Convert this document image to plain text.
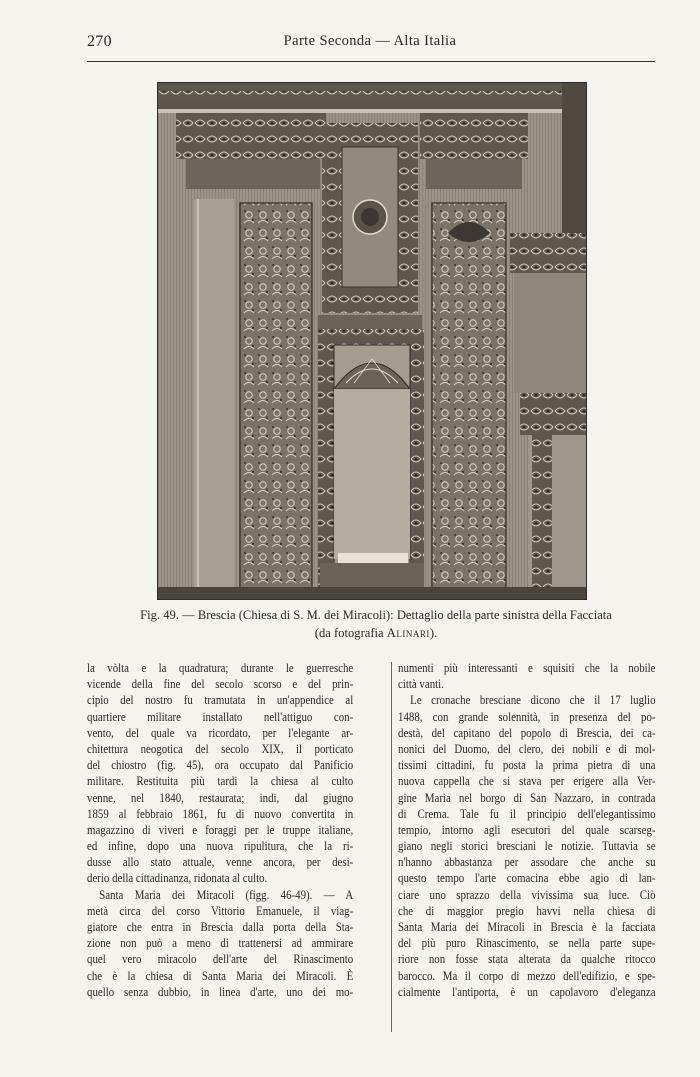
270	Parte Seconda — Alta Italia
Fig. 49. — Brescia (Chiesa di S. M. dei Miracoli): Dettaglio della parte sinistra della Facciata
(da fotografia Alinari).
la vòlta e la quadratura; durante le guerresche
vicende della fine del secolo scorso e del prin-
cipio del nostro fu tramutata in un'appendice al
quartiere militare installato nell'attiguo con-
vento, del quale va ricordato, per l'elegante ar-
chitettura neogotica del secolo XIX, il porticato
del chiostro (fig. 45), ora occupato dal Panificio
militare. Restituita più tardi la chiesa al culto
venne, nel 1840, restaurata; indi, dal giugno
1859 al febbraio 1861, fu di nuovo convertita in
magazzino di viveri e foraggi per le truppe italiane,
ed infine, dopo una nuova ripulitura, che la ri-
dusse allo stato attuale, venne ancora, per desi-
derio della cittadinanza, ridonata al culto.
Santa Maria dei Miracoli (figg. 46-49). — A
metà circa del corso Vittorio Emanuele, il viag-
giatore che entra in Brescia dalla porta della Sta-
zione non può a meno di trattenersi ad ammirare
quel vero miracolo dell'arte del Rinascimento
che è la chiesa di Santa Maria dei Miracoli. È
quello senza dubbio, in linea d'arte, uno dei mo-
numenti più interessanti e squisiti che la nobile
città vanti.
Le cronache bresciane dicono che il 17 luglio
1488, con grande solennità, in presenza del po-
destà, del capitano del popolo di Brescia, dei ca-
nonici del Duomo, del clero, dei nobili e di mol-
tissimi cittadini, fu posta la prima pietra di una
nuova cappella che si stava per erigere alla Ver-
gine Maria nel borgo di San Nazzaro, in contrada
di Crema. Tale fu il principio dell'elegantissimo
tempio, intorno agli esecutori del quale scarseg-
giano negli storici bresciani le notizie. Tuttavia se
n'hanno abbastanza per assodare che anche su
questo tempo l'arte comacina ebbe agio di lan-
ciare uno sprazzo della vivissima sua luce. Ciò
che di maggior pregio havvi nella chiesa di
Santa Maria dei Miracoli in Brescia è la facciata
del più puro Rinascimento, se nella parte supe-
riore non fosse stata alterata da qualche ritocco
barocco. Ma il corpo di mezzo dell'edifizio, e spe-
cialmente l'antiporta, è un capolavoro d'eleganza
